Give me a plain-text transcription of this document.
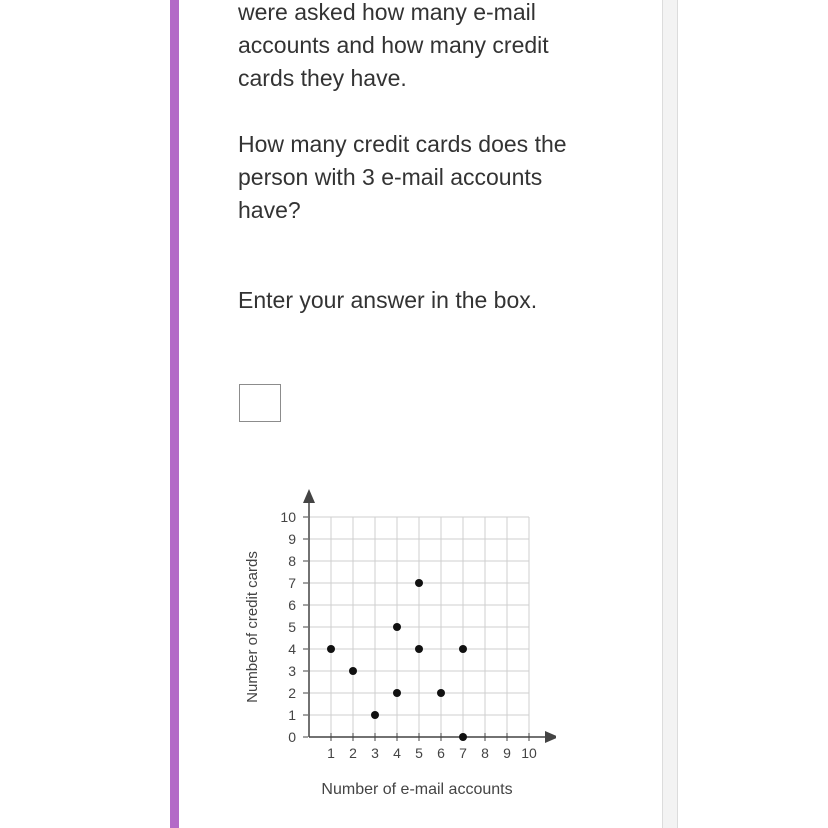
were asked how many e-mail accounts and how many credit cards they have.

How many credit cards does the person with 3 e-mail accounts have?

Enter your answer in the box.

1 2 3 4 5 6 7 8 9 10
0
1
2
3
4
5
6
7
8
9
10
Number of e-mail accounts
Number of credit cards
